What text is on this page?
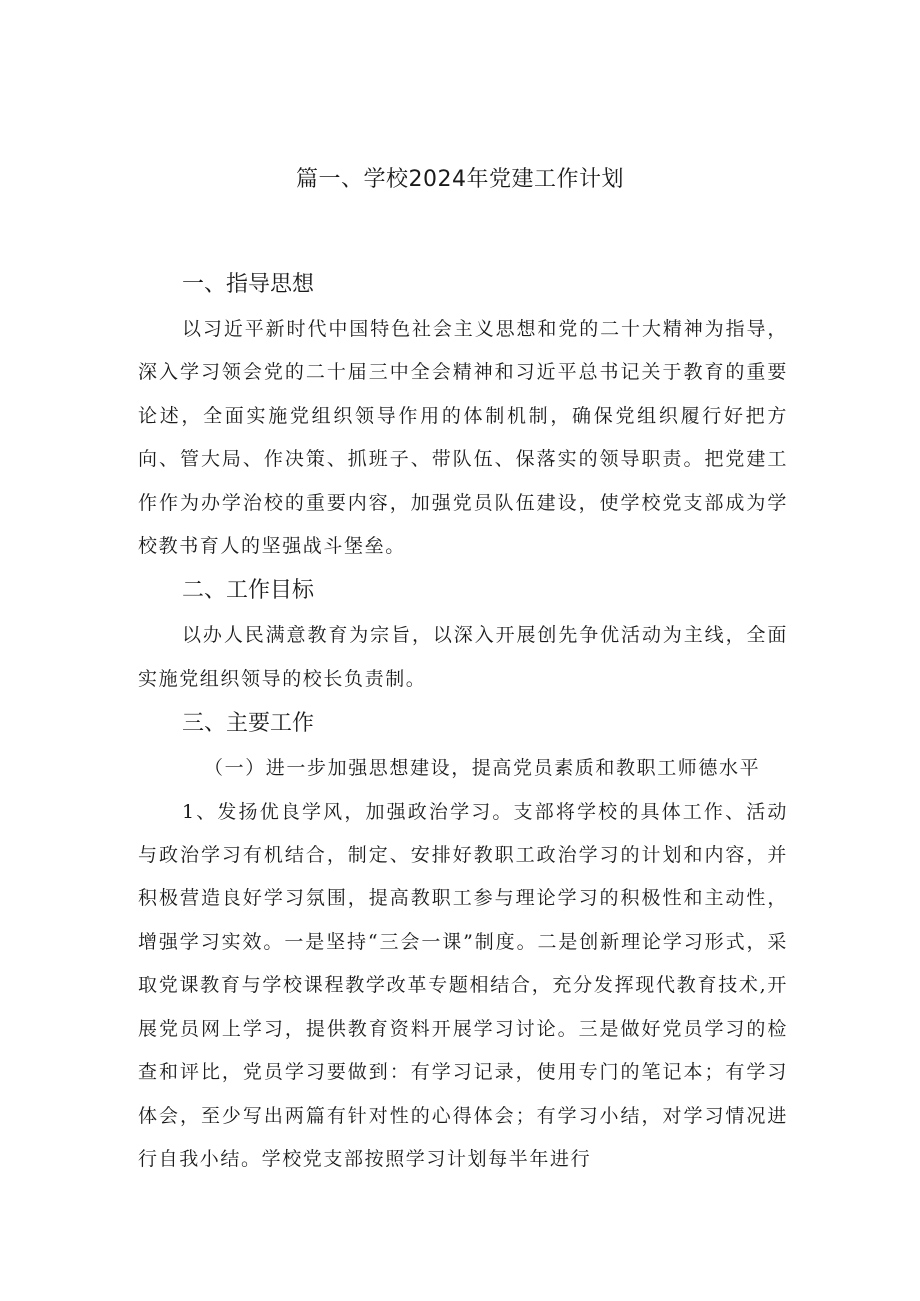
篇一、学校2024年党建工作计划
一、指导思想

以习近平新时代中国特色社会主义思想和党的二十大精神为指导，深入学习领会党的二十届三中全会精神和习近平总书记关于教育的重要论述，全面实施党组织领导作用的体制机制，确保党组织履行好把方向、管大局、作决策、抓班子、带队伍、保落实的领导职责。把党建工作作为办学治校的重要内容，加强党员队伍建设，使学校党支部成为学校教书育人的坚强战斗堡垒。

二、工作目标

以办人民满意教育为宗旨，以深入开展创先争优活动为主线，全面实施党组织领导的校长负责制。

三、主要工作

（一）进一步加强思想建设，提高党员素质和教职工师德水平

1、发扬优良学风，加强政治学习。支部将学校的具体工作、活动与政治学习有机结合，制定、安排好教职工政治学习的计划和内容，并积极营造良好学习氛围，提高教职工参与理论学习的积极性和主动性，增强学习实效。一是坚持“三会一课”制度。二是创新理论学习形式，采取党课教育与学校课程教学改革专题相结合，充分发挥现代教育技术,开展党员网上学习，提供教育资料开展学习讨论。三是做好党员学习的检查和评比，党员学习要做到：有学习记录，使用专门的笔记本；有学习体会，至少写出两篇有针对性的心得体会；有学习小结，对学习情况进行自我小结。学校党支部按照学习计划每半年进行
